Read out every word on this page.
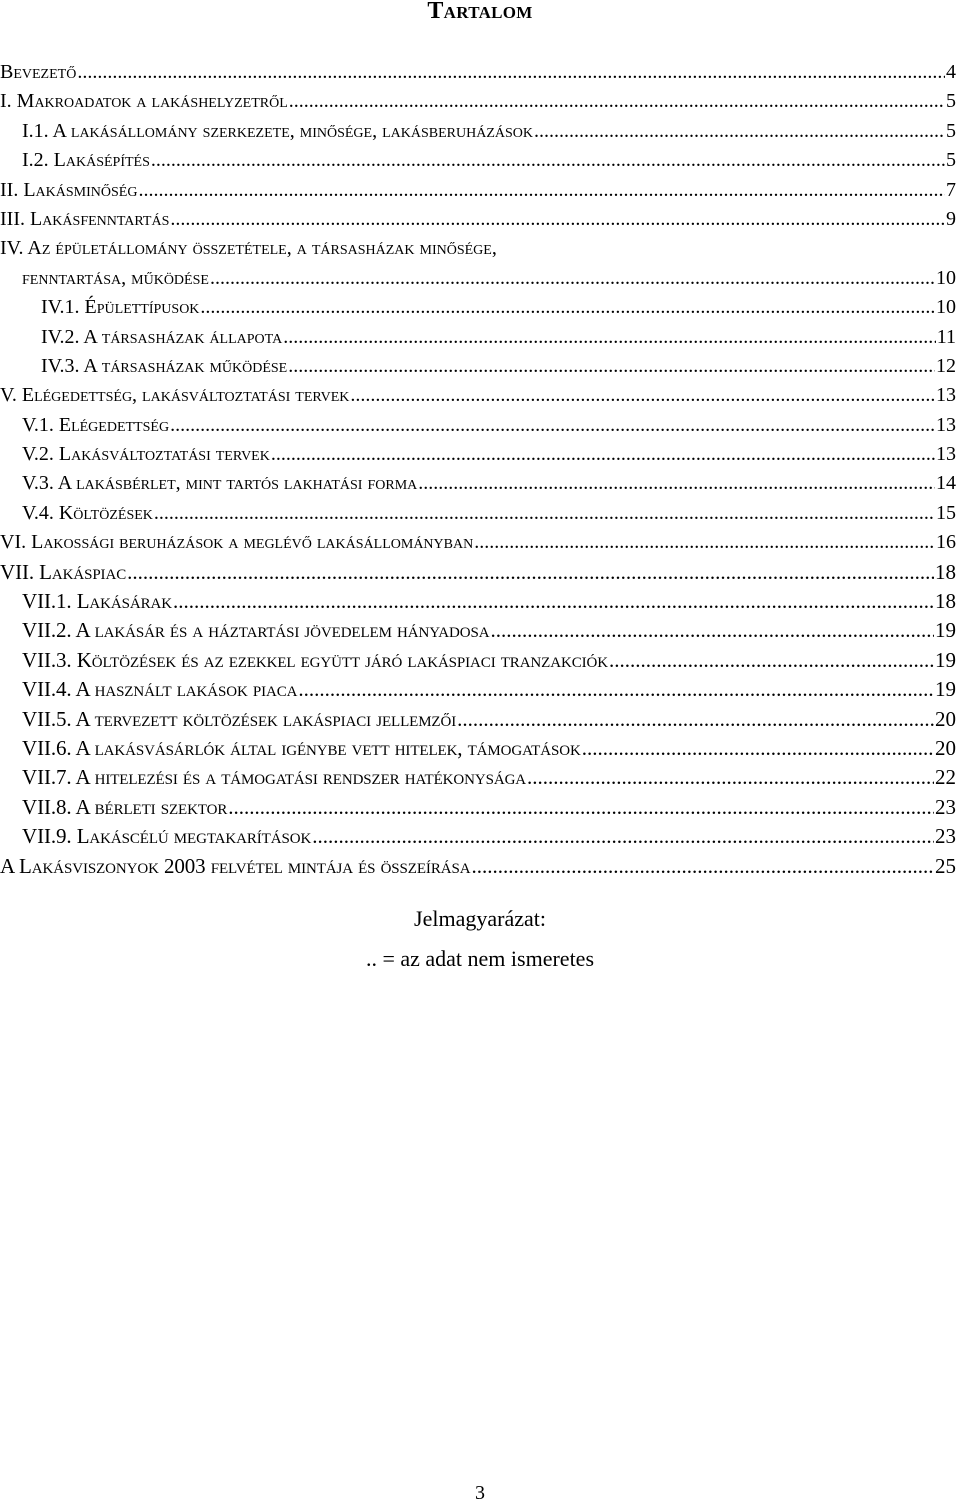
Tartalom
Bevezető .....	4
I. Makroadatok a lakáshelyzetről .....	5
I.1. A lakásállomány szerkezete, minősége, lakásberuházások .....	5
I.2. Lakásépítés .....	5
II. Lakásminőség .....	7
III. Lakásfenntartás .....	9
IV. Az épületállomány összetétele, a társasházak minősége,
fenntartása, működése .....	10
IV.1. Épülettípusok .....	10
IV.2. A társasházak állapota .....	11
IV.3. A társasházak működése .....	12
V. Elégedettség, lakásváltoztatási tervek .....	13
V.1. Elégedettség .....	13
V.2. Lakásváltoztatási tervek .....	13
V.3. A lakásbérlet, mint tartós lakhatási forma .....	14
V.4. Költözések .....	15
VI. Lakossági beruházások a meglévő lakásállományban .....	16
VII. Lakáspiac .....	18
VII.1. Lakásárak .....	18
VII.2. A lakásár és a háztartási jövedelem hányadosa .....	19
VII.3. Költözések és az ezekkel együtt járó lakáspiaci tranzakciók .....	19
VII.4. A használt lakások piaca .....	19
VII.5. A tervezett költözések lakáspiaci jellemzői .....	20
VII.6. A lakásvásárlók által igénybe vett hitelek, támogatások .....	20
VII.7. A hitelezési és a támogatási rendszer hatékonysága .....	22
VII.8. A bérleti szektor .....	23
VII.9. Lakáscélú megtakarítások .....	23
A Lakásviszonyok 2003 felvétel mintája és összeírása .....	25
Jelmagyarázat:
.. = az adat nem ismeretes
3
